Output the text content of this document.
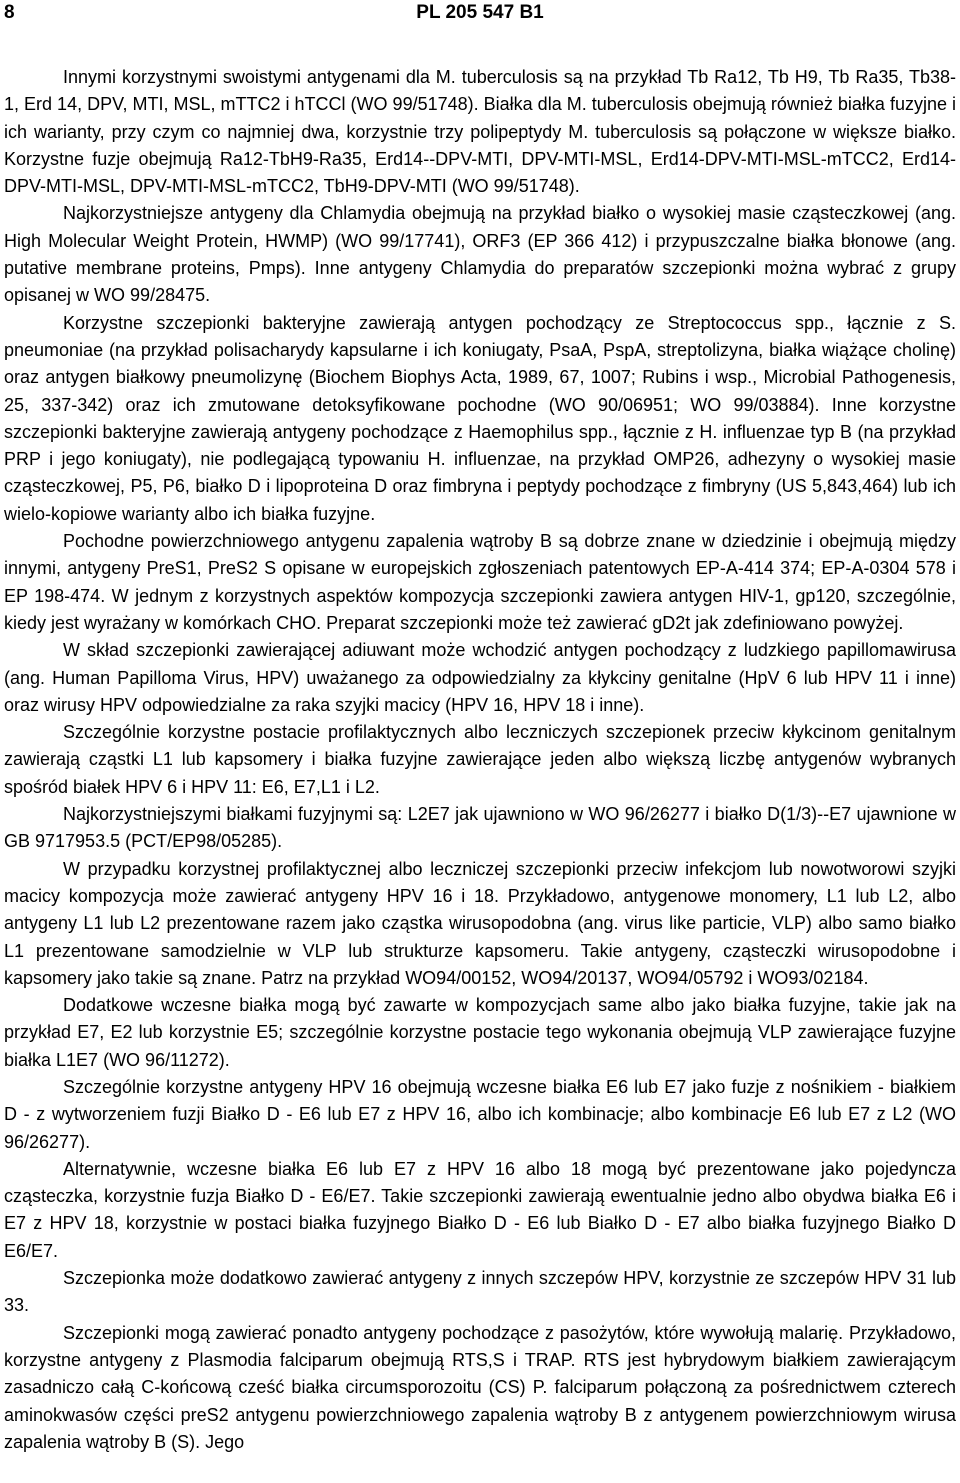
8	PL 205 547 B1

Innymi korzystnymi swoistymi antygenami dla M. tuberculosis są na przykład Tb Ra12, Tb H9, Tb Ra35, Tb38-1, Erd 14, DPV, MTI, MSL, mTTC2 i hTCCl (WO 99/51748). Białka dla M. tuberculosis obejmują również białka fuzyjne i ich warianty, przy czym co najmniej dwa, korzystnie trzy polipeptydy M. tuberculosis są połączone w większe białko. Korzystne fuzje obejmują Ra12-TbH9-Ra35, Erd14--DPV-MTI, DPV-MTI-MSL, Erd14-DPV-MTI-MSL-mTCC2, Erd14-DPV-MTI-MSL, DPV-MTI-MSL-mTCC2, TbH9-DPV-MTI (WO 99/51748).

Najkorzystniejsze antygeny dla Chlamydia obejmują na przykład białko o wysokiej masie cząsteczkowej (ang. High Molecular Weight Protein, HWMP) (WO 99/17741), ORF3 (EP 366 412) i przypuszczalne białka błonowe (ang. putative membrane proteins, Pmps). Inne antygeny Chlamydia do preparatów szczepionki można wybrać z grupy opisanej w WO 99/28475.

Korzystne szczepionki bakteryjne zawierają antygen pochodzący ze Streptococcus spp., łącznie z S. pneumoniae (na przykład polisacharydy kapsularne i ich koniugaty, PsaA, PspA, streptolizyna, białka wiążące cholinę) oraz antygen białkowy pneumolizynę (Biochem Biophys Acta, 1989, 67, 1007; Rubins i wsp., Microbial Pathogenesis, 25, 337-342) oraz ich zmutowane detoksyfikowane pochodne (WO 90/06951; WO 99/03884). Inne korzystne szczepionki bakteryjne zawierają antygeny pochodzące z Haemophilus spp., łącznie z H. influenzae typ B (na przykład PRP i jego koniugaty), nie podlegającą typowaniu H. influenzae, na przykład OMP26, adhezyny o wysokiej masie cząsteczkowej, P5, P6, białko D i lipoproteina D oraz fimbryna i peptydy pochodzące z fimbryny (US 5,843,464) lub ich wielo-kopiowe warianty albo ich białka fuzyjne.

Pochodne powierzchniowego antygenu zapalenia wątroby B są dobrze znane w dziedzinie i obejmują między innymi, antygeny PreS1, PreS2 S opisane w europejskich zgłoszeniach patentowych EP-A-414 374; EP-A-0304 578 i EP 198-474. W jednym z korzystnych aspektów kompozycja szczepionki zawiera antygen HIV-1, gp120, szczególnie, kiedy jest wyrażany w komórkach CHO. Preparat szczepionki może też zawierać gD2t jak zdefiniowano powyżej.

W skład szczepionki zawierającej adiuwant może wchodzić antygen pochodzący z ludzkiego papillomawirusa (ang. Human Papilloma Virus, HPV) uważanego za odpowiedzialny za kłykciny genitalne (HpV 6 lub HPV 11 i inne) oraz wirusy HPV odpowiedzialne za raka szyjki macicy (HPV 16, HPV 18 i inne).

Szczególnie korzystne postacie profilaktycznych albo leczniczych szczepionek przeciw kłykcinom genitalnym zawierają cząstki L1 lub kapsomery i białka fuzyjne zawierające jeden albo większą liczbę antygenów wybranych spośród białek HPV 6 i HPV 11: E6, E7,L1 i L2.

Najkorzystniejszymi białkami fuzyjnymi są: L2E7 jak ujawniono w WO 96/26277 i białko D(1/3)--E7 ujawnione w GB 9717953.5 (PCT/EP98/05285).

W przypadku korzystnej profilaktycznej albo leczniczej szczepionki przeciw infekcjom lub nowotworowi szyjki macicy kompozycja może zawierać antygeny HPV 16 i 18. Przykładowo, antygenowe monomery, L1 lub L2, albo antygeny L1 lub L2 prezentowane razem jako cząstka wirusopodobna (ang. virus like particie, VLP) albo samo białko L1 prezentowane samodzielnie w VLP lub strukturze kapsomeru. Takie antygeny, cząsteczki wirusopodobne i kapsomery jako takie są znane. Patrz na przykład WO94/00152, WO94/20137, WO94/05792 i WO93/02184.

Dodatkowe wczesne białka mogą być zawarte w kompozycjach same albo jako białka fuzyjne, takie jak na przykład E7, E2 lub korzystnie E5; szczególnie korzystne postacie tego wykonania obejmują VLP zawierające fuzyjne białka L1E7 (WO 96/11272).

Szczególnie korzystne antygeny HPV 16 obejmują wczesne białka E6 lub E7 jako fuzje z nośnikiem - białkiem D - z wytworzeniem fuzji Białko D - E6 lub E7 z HPV 16, albo ich kombinacje; albo kombinacje E6 lub E7 z L2 (WO 96/26277).

Alternatywnie, wczesne białka E6 lub E7 z HPV 16 albo 18 mogą być prezentowane jako pojedyncza cząsteczka, korzystnie fuzja Białko D - E6/E7. Takie szczepionki zawierają ewentualnie jedno albo obydwa białka E6 i E7 z HPV 18, korzystnie w postaci białka fuzyjnego Białko D - E6 lub Białko D - E7 albo białka fuzyjnego Białko D E6/E7.

Szczepionka może dodatkowo zawierać antygeny z innych szczepów HPV, korzystnie ze szczepów HPV 31 lub 33.

Szczepionki mogą zawierać ponadto antygeny pochodzące z pasożytów, które wywołują malarię. Przykładowo, korzystne antygeny z Plasmodia falciparum obejmują RTS,S i TRAP. RTS jest hybrydowym białkiem zawierającym zasadniczo całą C-końcową cześć białka circumsporozoitu (CS) P. falciparum połączoną za pośrednictwem czterech aminokwasów części preS2 antygenu powierzchniowego zapalenia wątroby B z antygenem powierzchniowym wirusa zapalenia wątroby B (S). Jego
